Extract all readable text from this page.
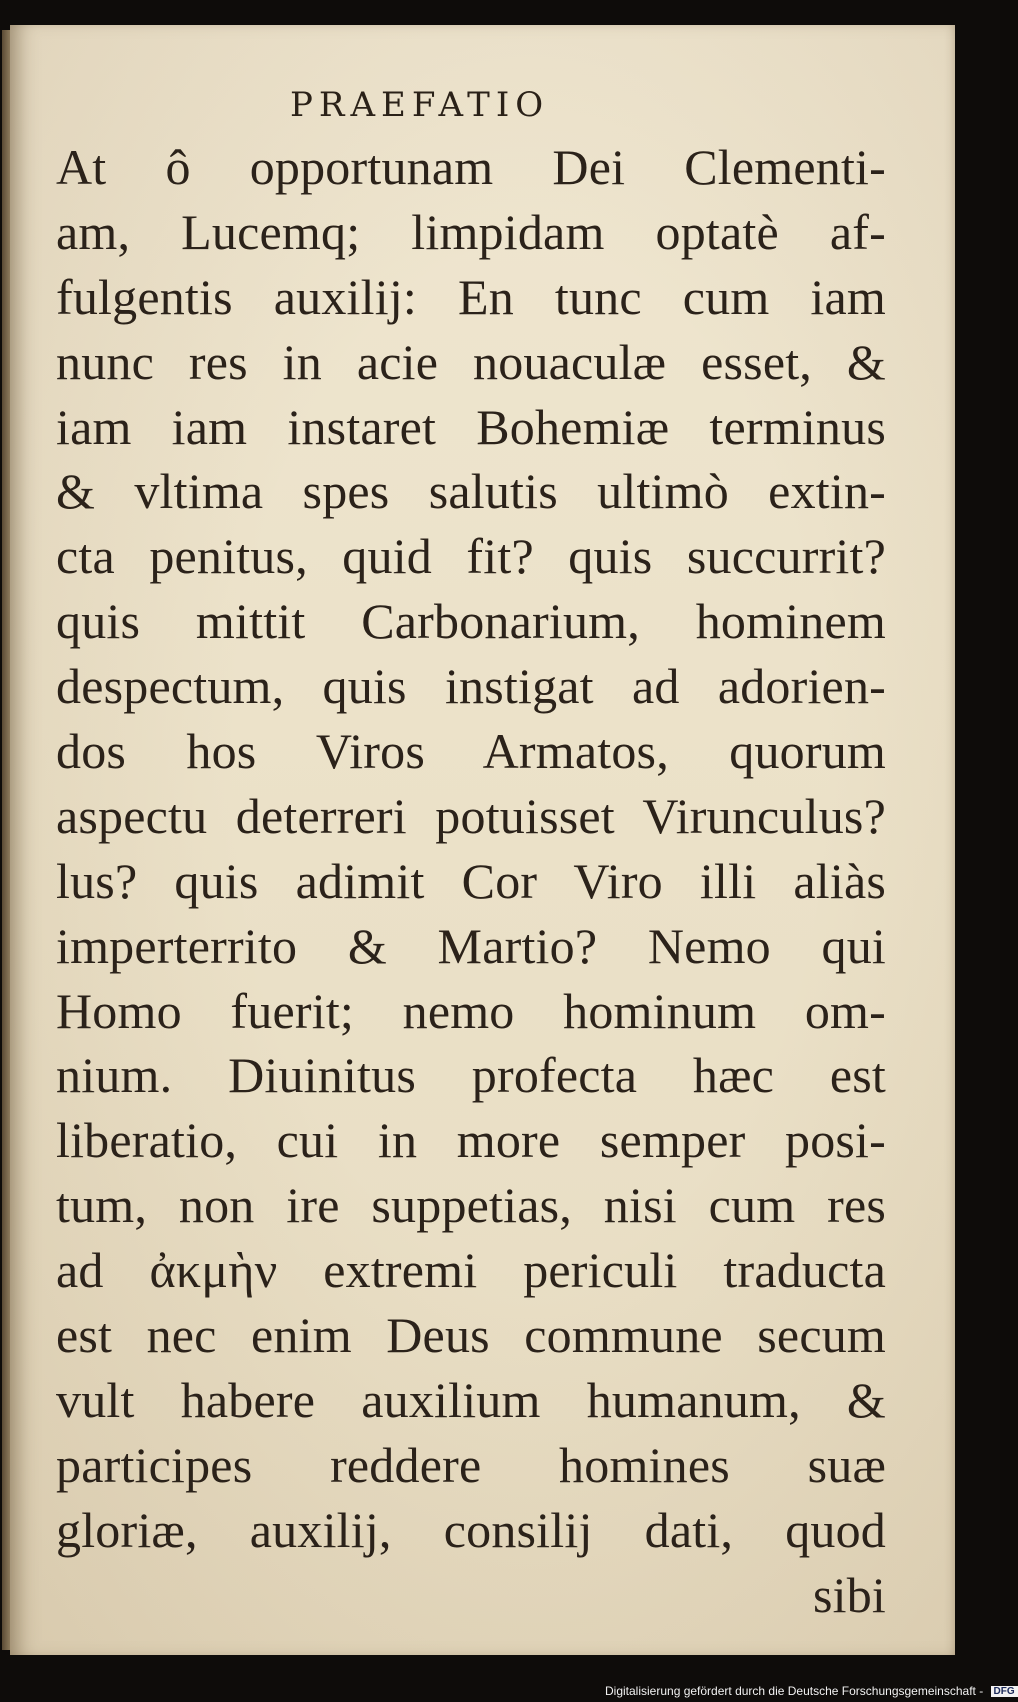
PRAEFATIO
At ô opportunam Dei Clementi-
am, Lucemq; limpidam optatè af-
fulgentis auxilij: En tunc cum iam
nunc res in acie nouaculæ esset, &
iam iam instaret Bohemiæ terminus
& vltima spes salutis ultimò extin-
cta penitus, quid fit? quis succurrit?
quis mittit Carbonarium, hominem
despectum, quis instigat ad adorien-
dos hos Viros Armatos, quorum
aspectu deterreri potuisset Virunculus?
lus? quis adimit Cor Viro illi aliàs
imperterrito & Martio? Nemo qui
Homo fuerit; nemo hominum om-
nium. Diuinitus profecta hæc est
liberatio, cui in more semper posi-
tum, non ire suppetias, nisi cum res
ad ἀκμὴν extremi periculi traducta
est nec enim Deus commune secum
vult habere auxilium humanum, &
participes reddere homines suæ
gloriæ, auxilij, consilij dati, quod
sibi
Digitalisierung gefördert durch die Deutsche Forschungsgemeinschaft - DFG
